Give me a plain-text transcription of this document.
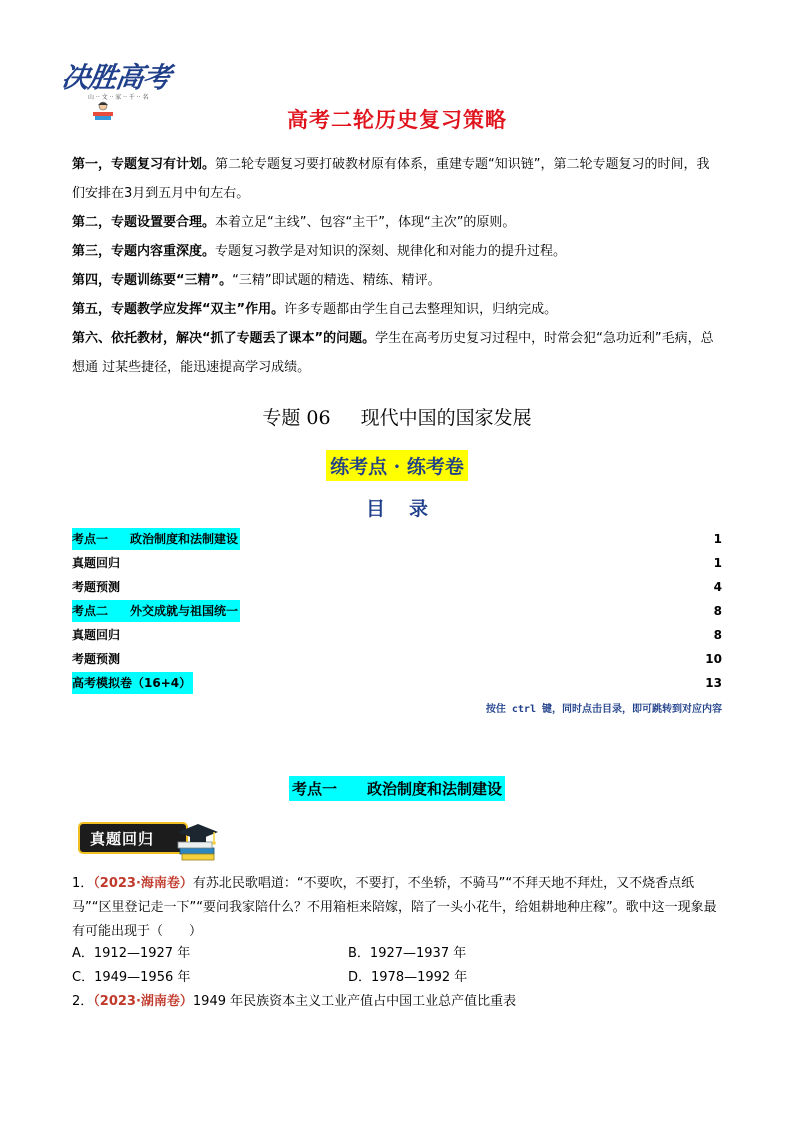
决胜高考
山 ·· 文 ·· 家 ·· 千 ·· 名
高考二轮历史复习策略

第一，专题复习有计划。第二轮专题复习要打破教材原有体系，重建专题“知识链”，第二轮专题复习的时间，我们安排在3月到五月中旬左右。

第二，专题设置要合理。本着立足“主线”、包容“主干”，体现“主次”的原则。

第三，专题内容重深度。专题复习教学是对知识的深刻、规律化和对能力的提升过程。

第四，专题训练要“三精”。“三精”即试题的精选、精练、精评。

第五，专题教学应发挥“双主”作用。许多专题都由学生自己去整理知识，归纳完成。

第六、依托教材，解决“抓了专题丢了课本”的问题。学生在高考历史复习过程中，时常会犯“急功近利”毛病，总想通 过某些捷径，能迅速提高学习成绩。

专题 06 现代中国的国家发展
练考点 · 练考卷
目 录
考点一 政治制度和法制建设	1
真题回归	1
考题预测	4
考点二 外交成就与祖国统一	8
真题回归	8
考题预测	10
高考模拟卷（16+4）	13
按住 ctrl 键，同时点击目录，即可跳转到对应内容
考点一 政治制度和法制建设
真题回归
1．（2023·海南卷）有苏北民歌唱道：“不要吹，不要打，不坐轿，不骑马”“不拜天地不拜灶，又不烧香点纸马”“区里登记走一下”“要问我家陪什么？不用箱柜来陪嫁，陪了一头小花牛，给姐耕地种庄稼”。歌中这一现象最有可能出现于（　　）
A．1912—1927 年	B．1927—1937 年
C．1949—1956 年	D．1978—1992 年
2．（2023·湖南卷）1949 年民族资本主义工业产值占中国工业总产值比重表
